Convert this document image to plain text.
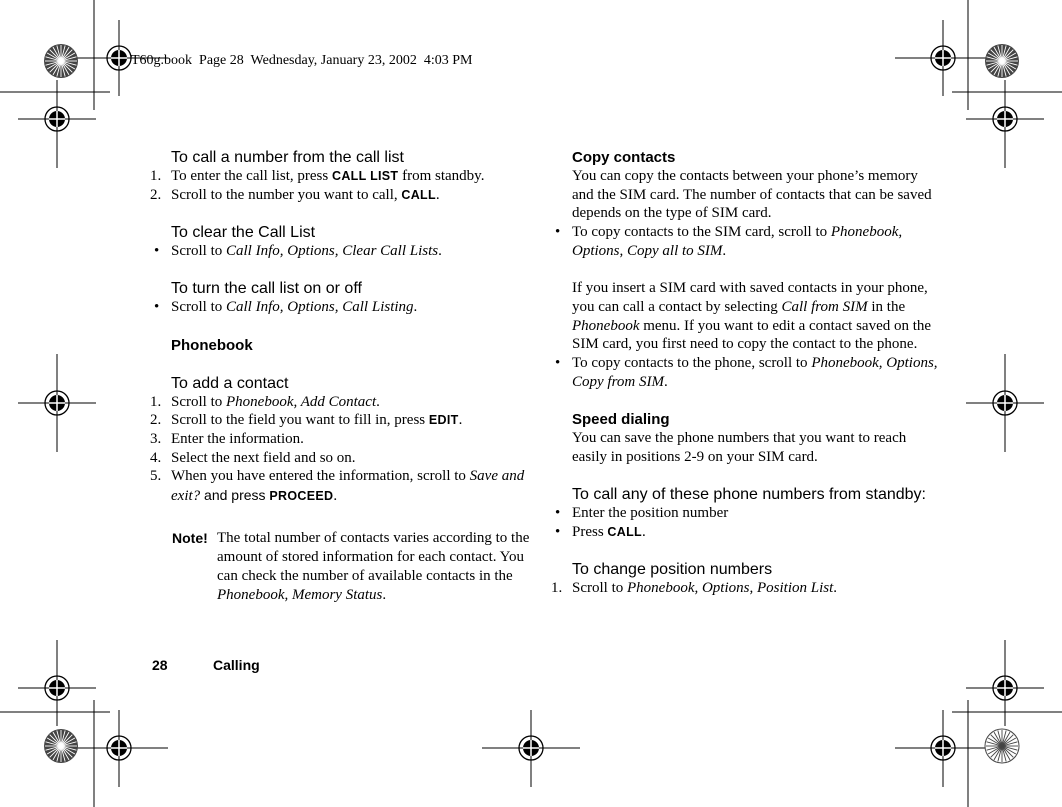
T60g.book  Page 28  Wednesday, January 23, 2002  4:03 PM
To call a number from the call list
1. To enter the call list, press CALL LIST from standby.
2. Scroll to the number you want to call, CALL.
To clear the Call List
• Scroll to Call Info, Options, Clear Call Lists.
To turn the call list on or off
• Scroll to Call Info, Options, Call Listing.
Phonebook
To add a contact
1. Scroll to Phonebook, Add Contact.
2. Scroll to the field you want to fill in, press EDIT.
3. Enter the information.
4. Select the next field and so on.
5. When you have entered the information, scroll to Save and exit? and press PROCEED.
Note! The total number of contacts varies according to the amount of stored information for each contact. You can check the number of available contacts in the Phonebook, Memory Status.
Copy contacts
You can copy the contacts between your phone’s memory and the SIM card. The number of contacts that can be saved depends on the type of SIM card.
• To copy contacts to the SIM card, scroll to Phonebook, Options, Copy all to SIM.
If you insert a SIM card with saved contacts in your phone, you can call a contact by selecting Call from SIM in the Phonebook menu. If you want to edit a contact saved on the SIM card, you first need to copy the contact to the phone.
• To copy contacts to the phone, scroll to Phonebook, Options, Copy from SIM.
Speed dialing
You can save the phone numbers that you want to reach easily in positions 2-9 on your SIM card.
To call any of these phone numbers from standby:
• Enter the position number
• Press CALL.
To change position numbers
1. Scroll to Phonebook, Options, Position List.
28	Calling
